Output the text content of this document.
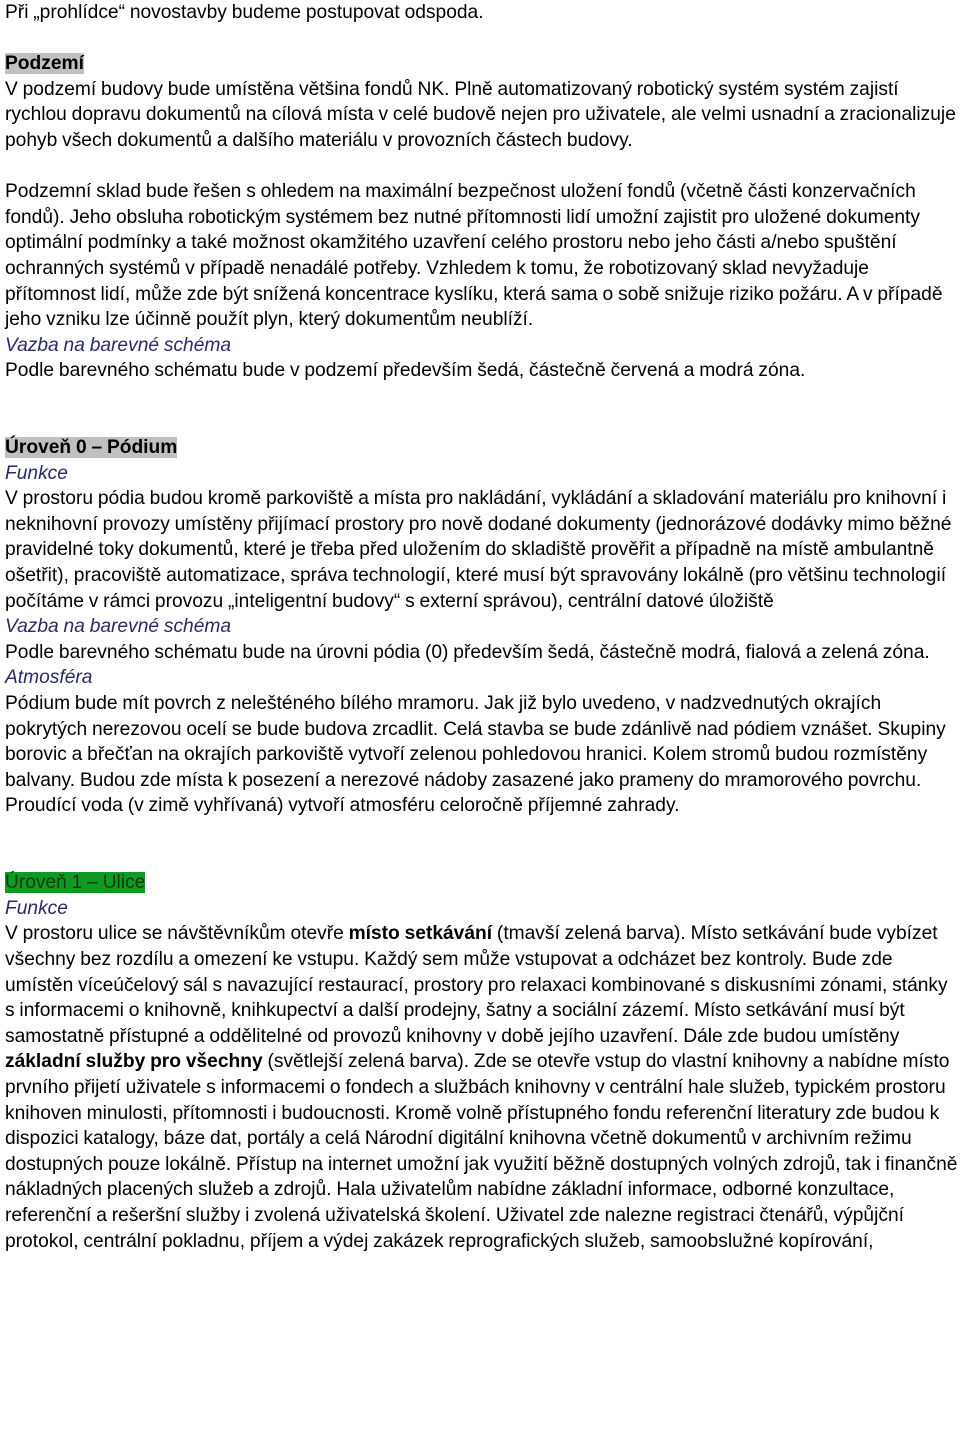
Při „prohlídce“ novostavby budeme postupovat odspoda.

Podzemí

V podzemí budovy bude umístěna většina fondů NK. Plně automatizovaný robotický systém systém zajistí rychlou dopravu dokumentů na cílová místa v celé budově nejen pro uživatele, ale velmi usnadní a zracionalizuje pohyb všech dokumentů a dalšího materiálu v provozních částech budovy.

Podzemní sklad bude řešen s ohledem na maximální bezpečnost uložení fondů (včetně části konzervačních fondů). Jeho obsluha robotickým systémem bez nutné přítomnosti lidí umožní zajistit pro uložené dokumenty optimální podmínky a také možnost okamžitého uzavření celého prostoru nebo jeho části a/nebo spuštění ochranných systémů v případě nenadálé potřeby. Vzhledem k tomu, že robotizovaný sklad nevyžaduje přítomnost lidí, může zde být snížená koncentrace kyslíku, která sama o sobě snižuje riziko požáru. A v případě jeho vzniku lze účinně použít plyn, který dokumentům neublíží.

Vazba na barevné schéma

Podle barevného schématu bude v podzemí především šedá, částečně červená a modrá zóna.

Úroveň 0 – Pódium

Funkce

V prostoru pódia budou kromě parkoviště a místa pro nakládání, vykládání a skladování materiálu pro knihovní i neknihovní provozy umístěny přijímací prostory pro nově dodané dokumenty (jednorázové dodávky mimo běžné pravidelné toky dokumentů, které je třeba před uložením do skladiště prověřit a případně na místě ambulantně ošetřit), pracoviště automatizace, správa technologií, které musí být spravovány lokálně (pro většinu technologií počítáme v rámci provozu „inteligentní budovy“ s externí správou), centrální datové úložiště

Vazba na barevné schéma

Podle barevného schématu bude na úrovni pódia (0) především šedá, částečně modrá, fialová a zelená zóna.

Atmosféra

Pódium bude mít povrch z nelešténého bílého mramoru. Jak již bylo uvedeno, v nadzvednutých okrajích pokrytých nerezovou ocelí se bude budova zrcadlit. Celá stavba se bude zdánlivě nad pódiem vznášet. Skupiny borovic a břečťan na okrajích parkoviště vytvoří zelenou pohledovou hranici. Kolem stromů budou rozmístěny balvany. Budou zde místa k posezení a nerezové nádoby zasazené jako prameny do mramorového povrchu. Proudící voda (v zimě vyhřívaná) vytvoří atmosféru celoročně příjemné zahrady.

Úroveň 1 – Ulice

Funkce

V prostoru ulice se návštěvníkům otevře místo setkávání (tmavší zelená barva). Místo setkávání bude vybízet všechny bez rozdílu a omezení ke vstupu. Každý sem může vstupovat a odcházet bez kontroly. Bude zde umístěn víceúčelový sál s navazující restaurací, prostory pro relaxaci kombinované s diskusními zónami, stánky s informacemi o knihovně, knihkupectví a další prodejny, šatny a sociální zázemí. Místo setkávání musí být samostatně přístupné a oddělitelné od provozů knihovny v době jejího uzavření. Dále zde budou umístěny základní služby pro všechny (světlejší zelená barva). Zde se otevře vstup do vlastní knihovny a nabídne místo prvního přijetí uživatele s informacemi o fondech a službách knihovny v centrální hale služeb, typickém prostoru knihoven minulosti, přítomnosti i budoucnosti. Kromě volně přístupného fondu referenční literatury zde budou k dispozici katalogy, báze dat, portály a celá Národní digitální knihovna včetně dokumentů v archivním režimu dostupných pouze lokálně. Přístup na internet umožní jak využití běžně dostupných volných zdrojů, tak i finančně nákladných placených služeb a zdrojů. Hala uživatelům nabídne základní informace, odborné konzultace, referenční a rešeršní služby i zvolená uživatelská školení. Uživatel zde nalezne registraci čtenářů, výpůjční protokol, centrální pokladnu, příjem a výdej zakázek reprografických služeb, samoobslužné kopírování,
